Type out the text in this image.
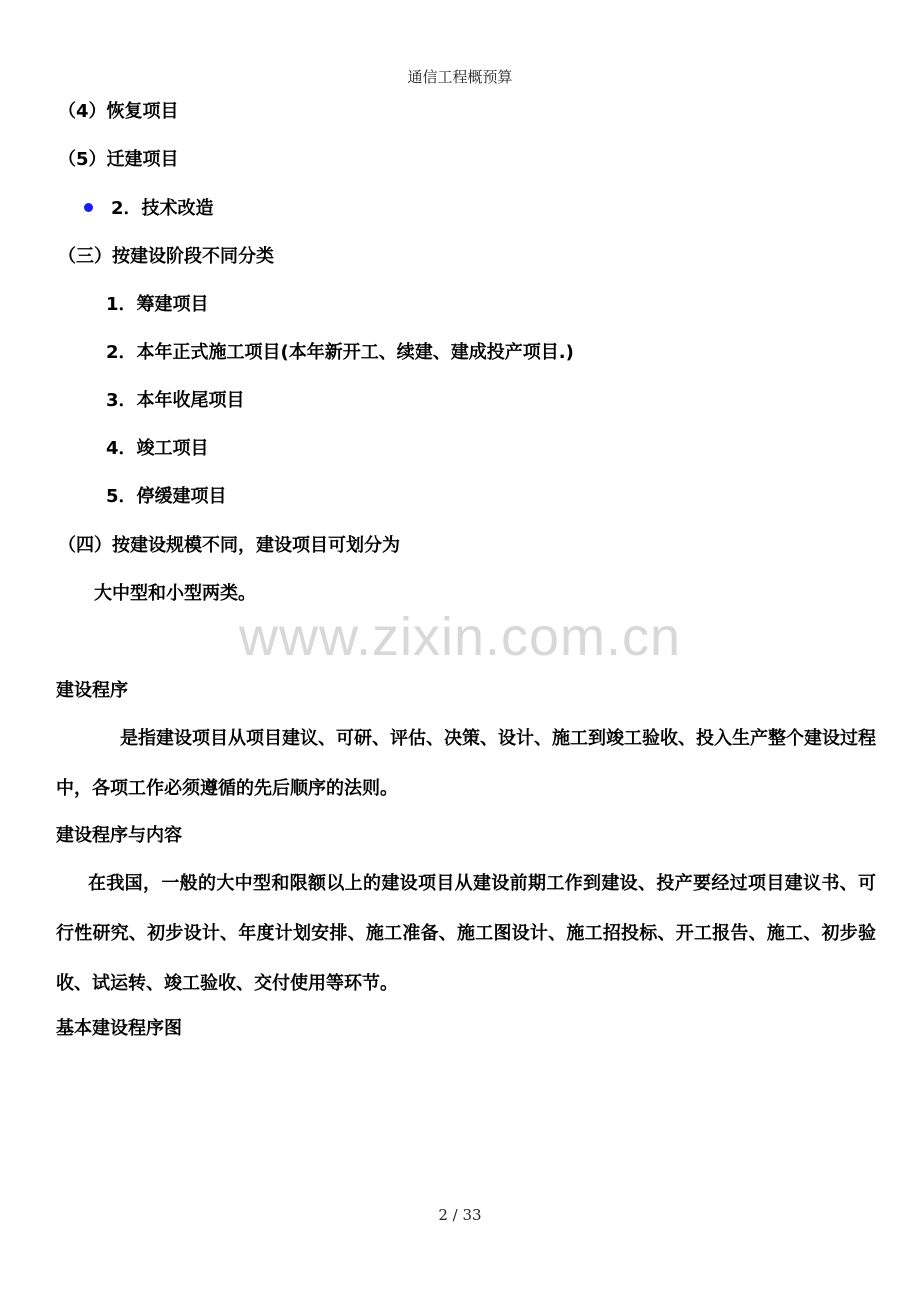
通信工程概预算
（4）恢复项目
（5）迁建项目
2．技术改造
（三）按建设阶段不同分类
1．筹建项目
2．本年正式施工项目(本年新开工、续建、建成投产项目.)
3．本年收尾项目
4．竣工项目
5．停缓建项目
（四）按建设规模不同，建设项目可划分为
大中型和小型两类。
www.zixin.com.cn
建设程序
是指建设项目从项目建议、可研、评估、决策、设计、施工到竣工验收、投入生产整个建设过程中，各项工作必须遵循的先后顺序的法则。
建设程序与内容
在我国，一般的大中型和限额以上的建设项目从建设前期工作到建设、投产要经过项目建议书、可行性研究、初步设计、年度计划安排、施工准备、施工图设计、施工招投标、开工报告、施工、初步验收、试运转、竣工验收、交付使用等环节。
基本建设程序图
2 / 33
